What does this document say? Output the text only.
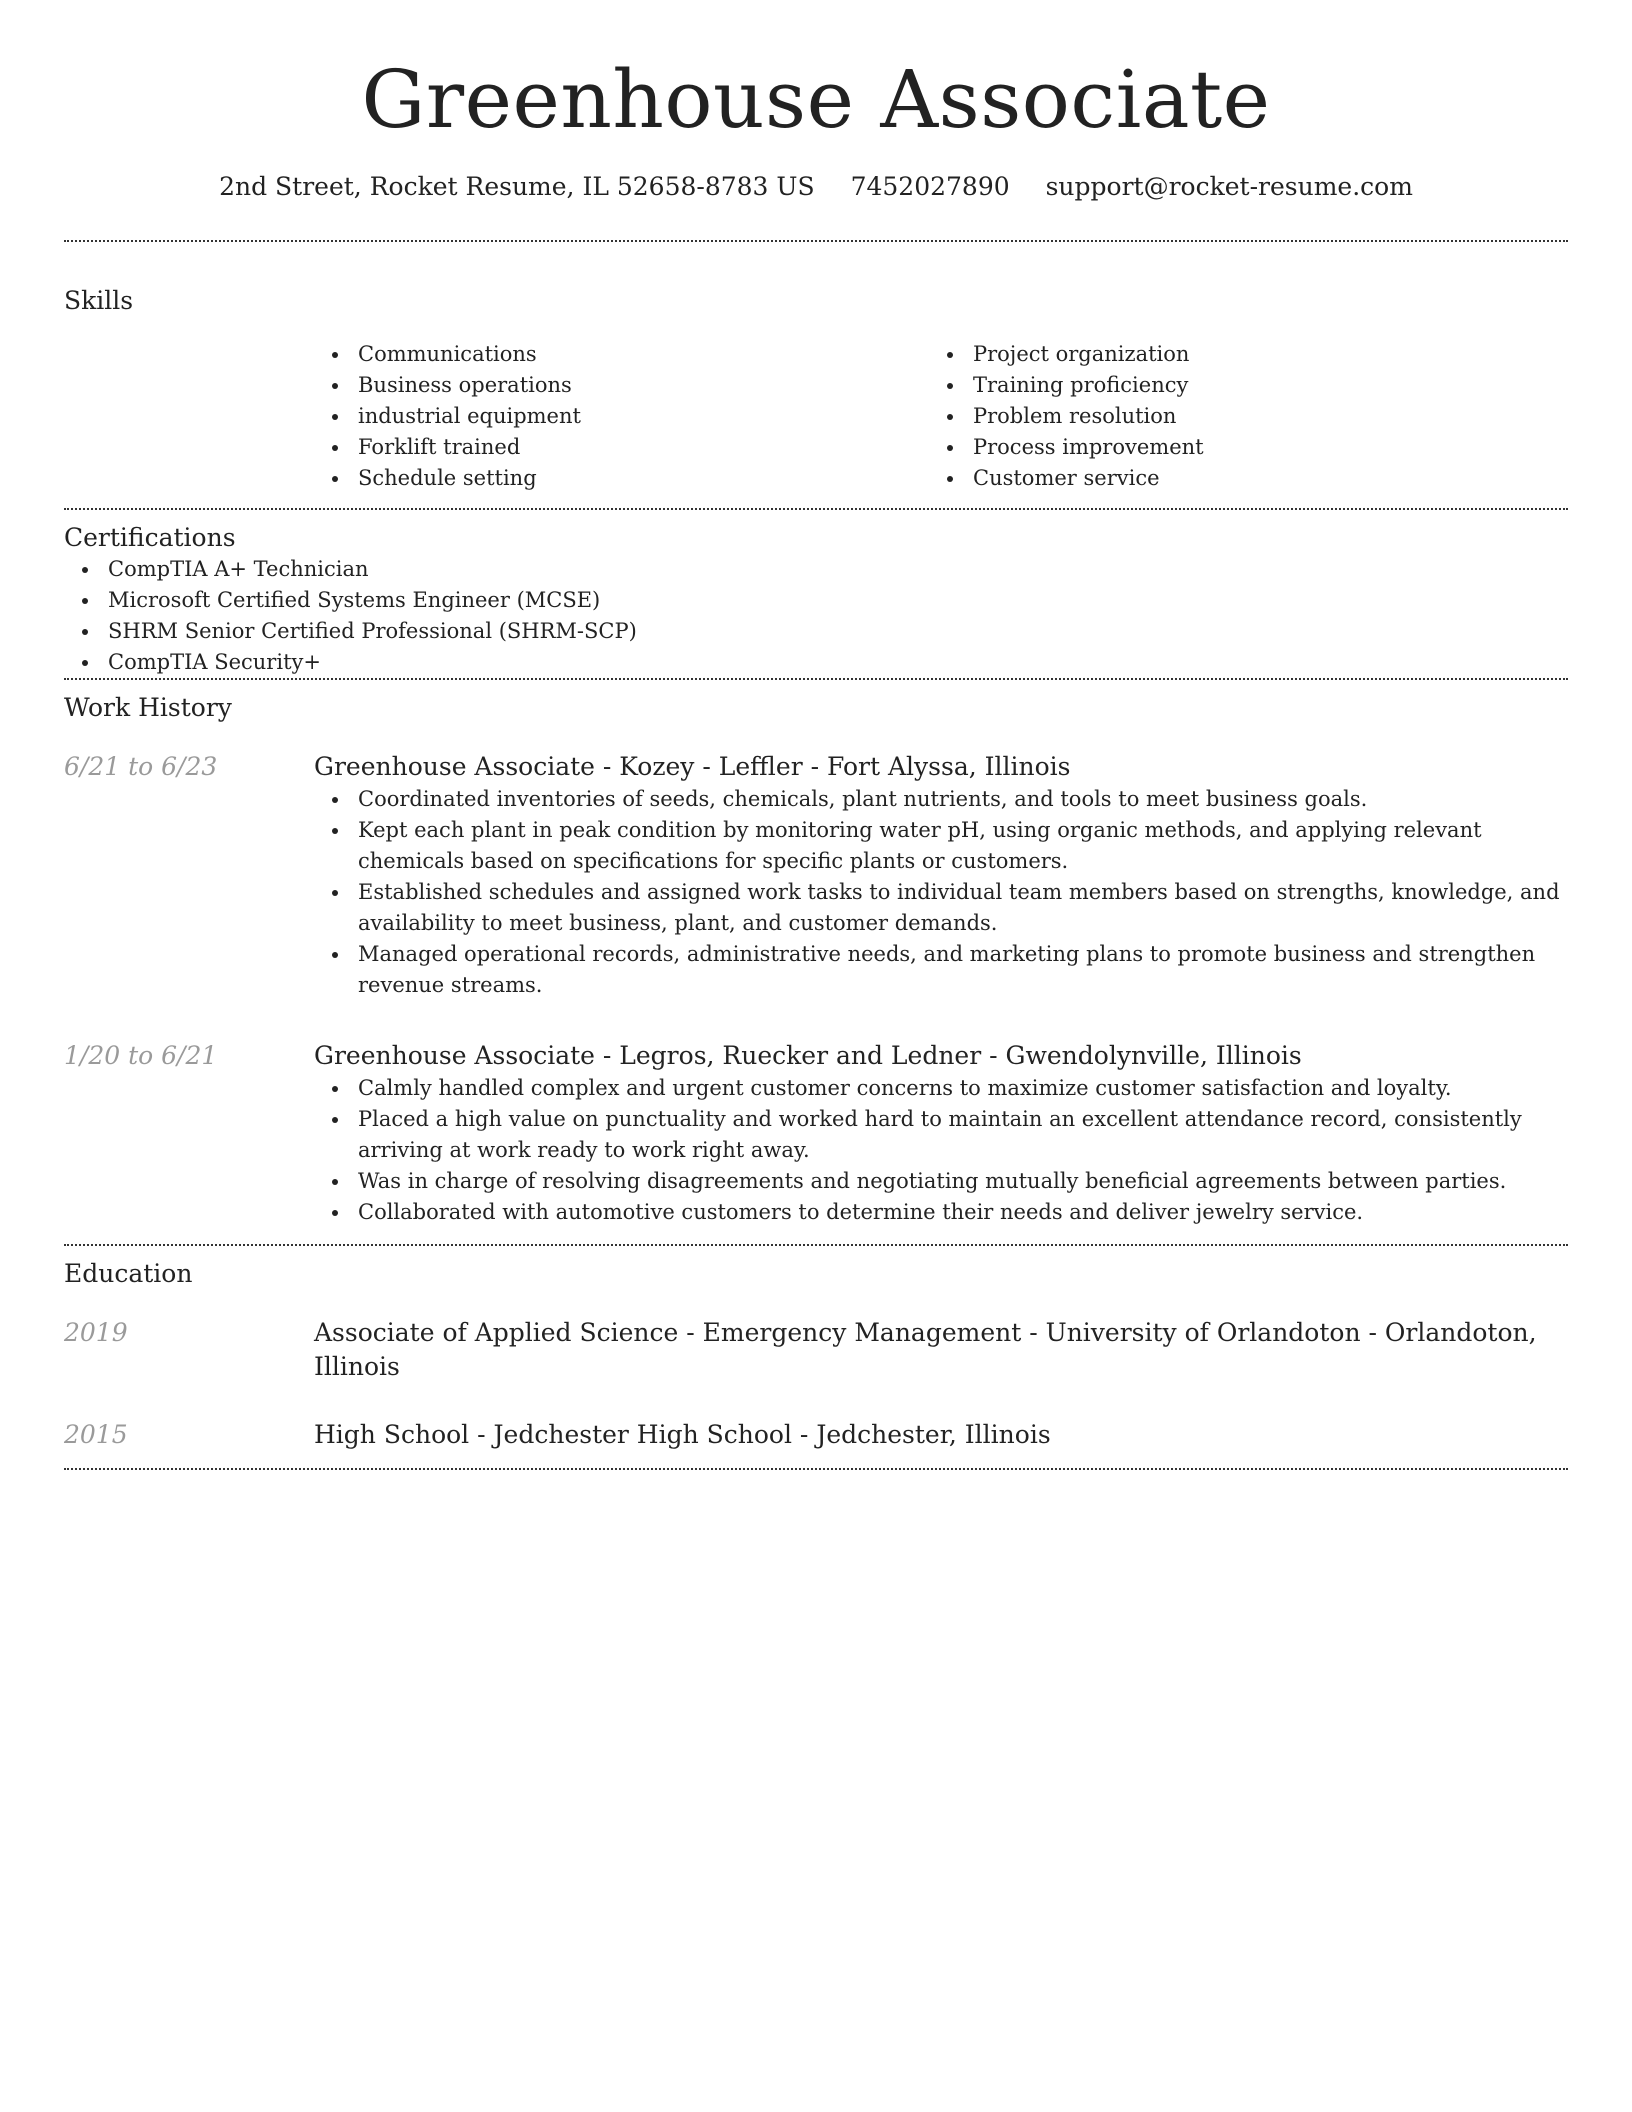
Greenhouse Associate
2nd Street, Rocket Resume, IL 52658-8783 US 7452027890 support@rocket-resume.com
Skills
Communications
Business operations
industrial equipment
Forklift trained
Schedule setting
Project organization
Training proficiency
Problem resolution
Process improvement
Customer service
Certifications
CompTIA A+ Technician
Microsoft Certified Systems Engineer (MCSE)
SHRM Senior Certified Professional (SHRM-SCP)
CompTIA Security+
Work History
6/21 to 6/23	Greenhouse Associate - Kozey - Leffler - Fort Alyssa, Illinois
Coordinated inventories of seeds, chemicals, plant nutrients, and tools to meet business goals.
Kept each plant in peak condition by monitoring water pH, using organic methods, and applying relevant chemicals based on specifications for specific plants or customers.
Established schedules and assigned work tasks to individual team members based on strengths, knowledge, and availability to meet business, plant, and customer demands.
Managed operational records, administrative needs, and marketing plans to promote business and strengthen revenue streams.
1/20 to 6/21	Greenhouse Associate - Legros, Ruecker and Ledner - Gwendolynville, Illinois
Calmly handled complex and urgent customer concerns to maximize customer satisfaction and loyalty.
Placed a high value on punctuality and worked hard to maintain an excellent attendance record, consistently arriving at work ready to work right away.
Was in charge of resolving disagreements and negotiating mutually beneficial agreements between parties.
Collaborated with automotive customers to determine their needs and deliver jewelry service.
Education
2019	Associate of Applied Science - Emergency Management - University of Orlandoton - Orlandoton, Illinois
2015	High School - Jedchester High School - Jedchester, Illinois
